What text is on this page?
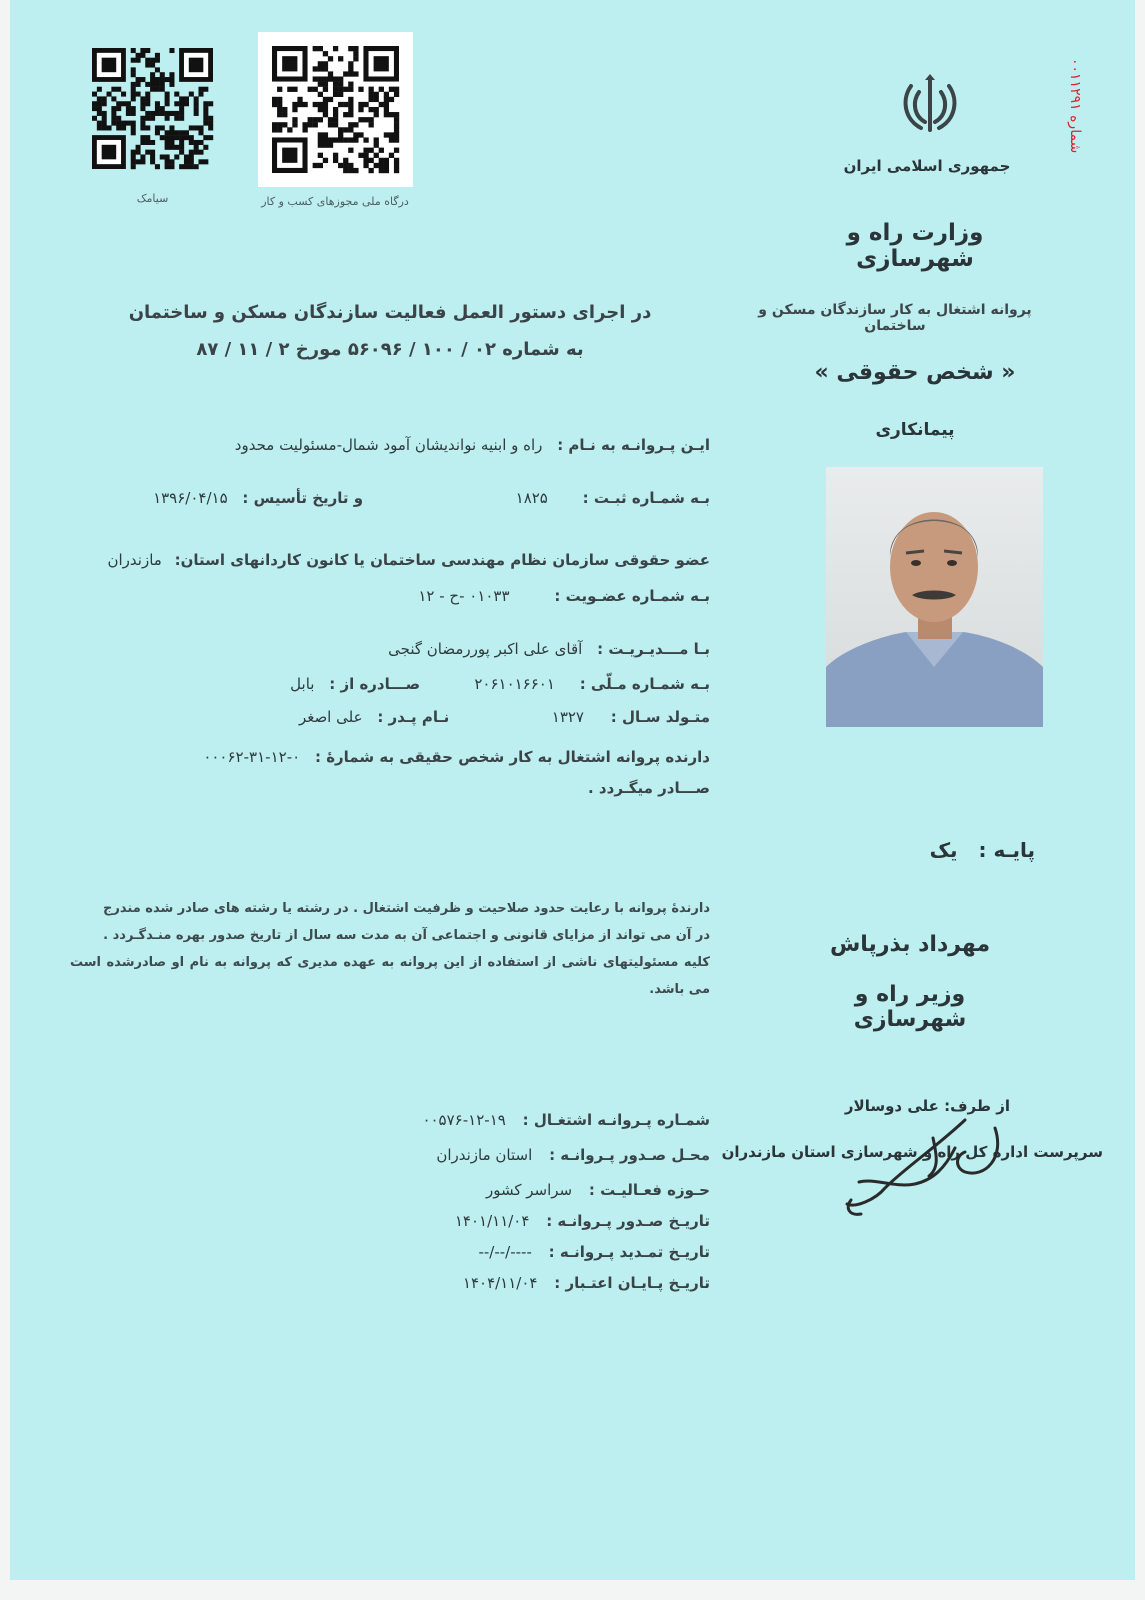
شماره ۰۰۱۱۲۹۱
جمهوری اسلامی ایران
وزارت راه و شهرسازی
درگاه ملی مجوزهای کسب و کار
سیامک
در اجرای دستور العمل فعالیت سازندگان مسکن و ساختمان
به شماره ۰۲ / ۱۰۰ / ۵۶۰۹۶ مورخ ۲ / ۱۱ / ۸۷
پروانه اشتغال به کار سازندگان مسکن و ساختمان
« شخص حقوقی »
پیمانکاری
ایـن پـروانـه به نـام : راه و ابنیه نواندیشان آمود شمال-مسئولیت محدود
بـه شمـاره ثبـت : ۱۸۲۵ و تاریخ تأسیس : ۱۳۹۶/۰۴/۱۵
عضو حقوقی سازمان نظام مهندسی ساختمان یا کانون کاردانهای استان: مازندران
بـه شمـاره عضـویت : ۰۱۰۳۳ -ح - ۱۲
بـا مـــدیـریـت : آقای علی اکبر پوررمضان گنجی
بـه شمـاره مـلّی : ۲۰۶۱۰۱۶۶۰۱ صـــادره از : بابل
متـولد سـال : ۱۳۲۷ نـام پـدر : علی اصغر
دارنده پروانه اشتغال به کار شخص حقیقی به شمارهٔ : ۰-۱۲-۳۱-۰۰۰۶۲
صـــادر میگـردد .
پایـه : یک
دارندهٔ پروانه با رعایت حدود صلاحیت و ظرفیت اشتغال . در رشته یا رشته های صادر شده مندرج
در آن می تواند از مزایای قانونی و اجتماعی آن به مدت سه سال از تاریخ صدور بهره منـدگـردد .
کلیه مسئولیتهای ناشی از استفاده از این پروانه به عهده مدیری که پروانه به نام او صادرشده است می باشد.
مهرداد بذرپاش
وزیر راه و شهرسازی
از طرف: علی دوسالار
سرپرست اداره کل راه و شهرسازی استان مازندران
شمـاره پـروانـه اشتغـال : ۱۹-۱۲-۰۰۵۷۶
محـل صـدور پـروانـه : استان مازندران
حـوزه فعـالیـت : سراسر کشور
تاریـخ صـدور پـروانـه : ۱۴۰۱/۱۱/۰۴
تاریـخ تمـدید پـروانـه : --/--/----
تاریـخ پـایـان اعتـبار : ۱۴۰۴/۱۱/۰۴
